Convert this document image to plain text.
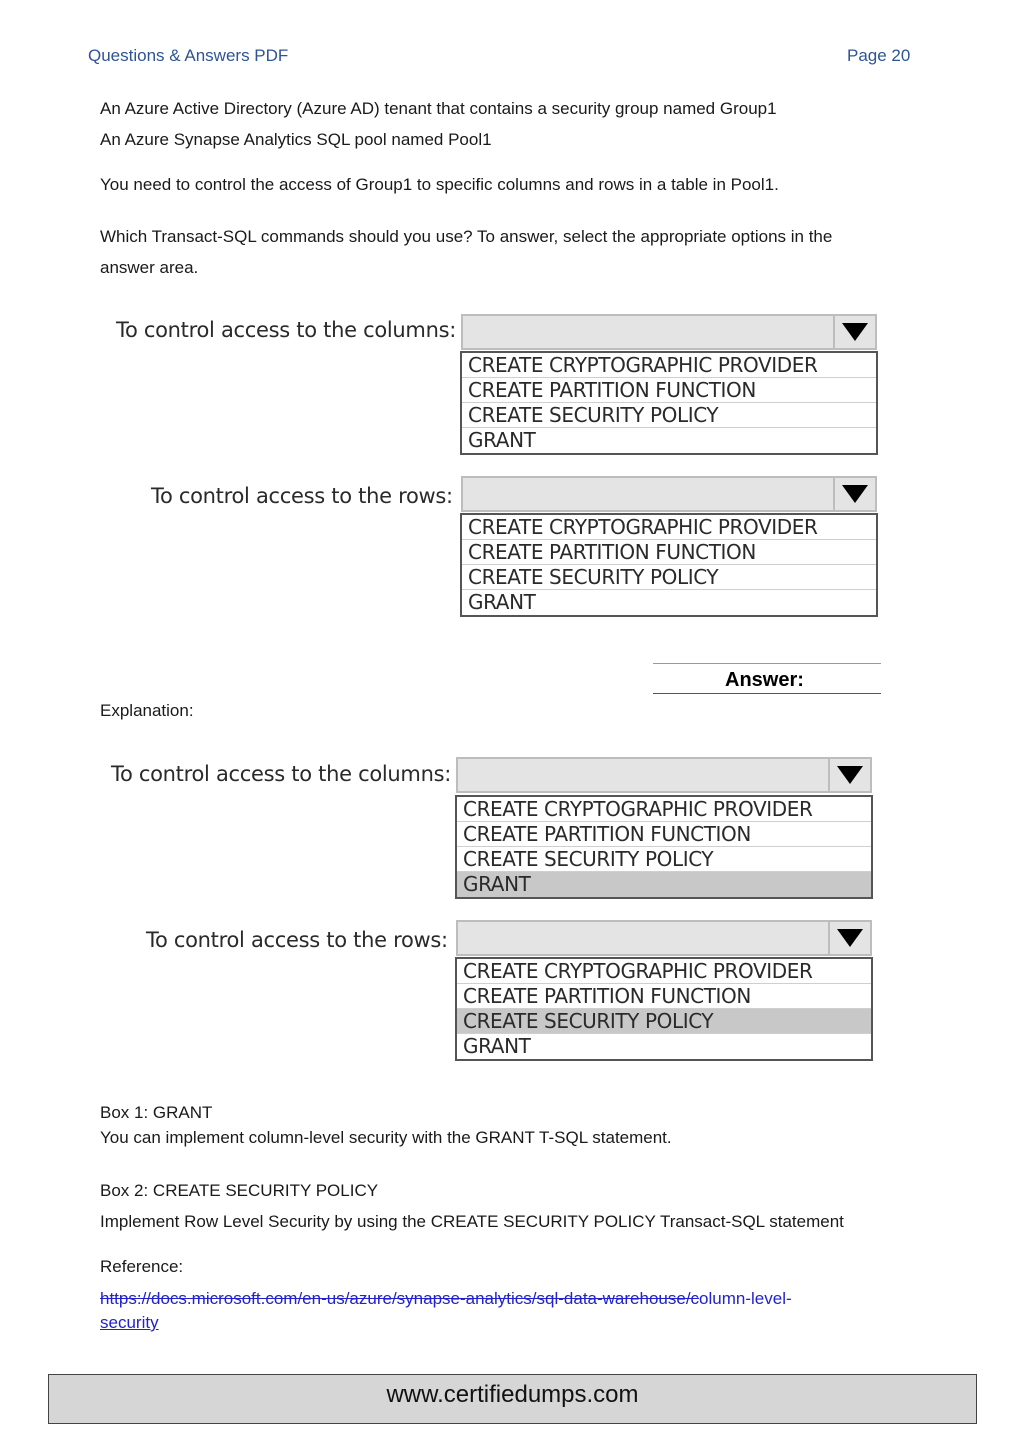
Questions & Answers PDF	Page 20
An Azure Active Directory (Azure AD) tenant that contains a security group named Group1
An Azure Synapse Analytics SQL pool named Pool1
You need to control the access of Group1 to specific columns and rows in a table in Pool1.
Which Transact-SQL commands should you use? To answer, select the appropriate options in the
answer area.
To control access to the columns:
CREATE CRYPTOGRAPHIC PROVIDER
CREATE PARTITION FUNCTION
CREATE SECURITY POLICY
GRANT
To control access to the rows:
CREATE CRYPTOGRAPHIC PROVIDER
CREATE PARTITION FUNCTION
CREATE SECURITY POLICY
GRANT
Answer:
Explanation:
To control access to the columns:
CREATE CRYPTOGRAPHIC PROVIDER
CREATE PARTITION FUNCTION
CREATE SECURITY POLICY
GRANT
To control access to the rows:
CREATE CRYPTOGRAPHIC PROVIDER
CREATE PARTITION FUNCTION
CREATE SECURITY POLICY
GRANT
Box 1: GRANT
You can implement column-level security with the GRANT T-SQL statement.
Box 2: CREATE SECURITY POLICY
Implement Row Level Security by using the CREATE SECURITY POLICY Transact-SQL statement
Reference:
https://docs.microsoft.com/en-us/azure/synapse-analytics/sql-data-warehouse/column-level-
security
www.certifiedumps.com
